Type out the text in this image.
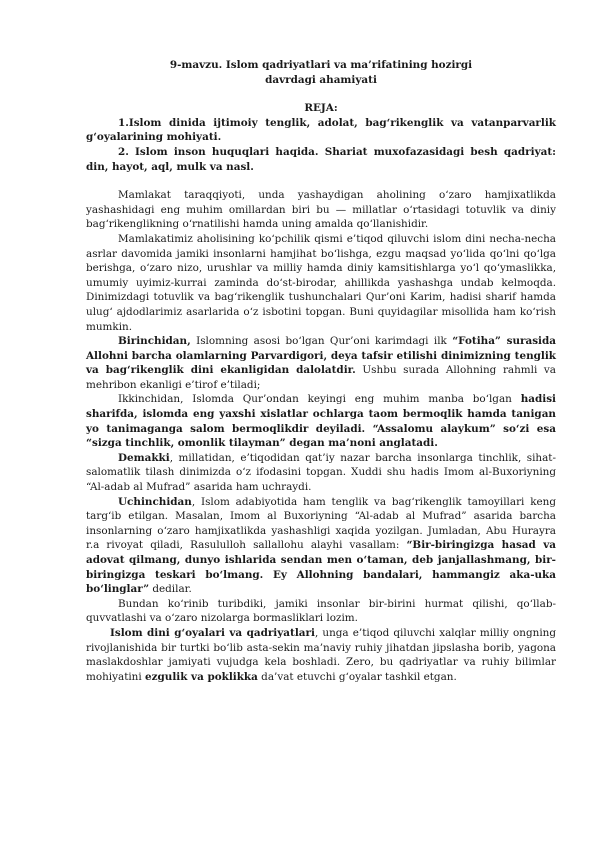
9-mavzu. Islom qadriyatlari va ma’rifatining hozirgi
davrdagi ahamiyati
REJA:

1.Islom dinida ijtimoiy tenglik, adolat, bag‘rikenglik va vatanparvarlik g‘oyalarining mohiyati.

2. Islom inson huquqlari haqida. Shariat muxofazasidagi besh qadriyat: din, hayot, aql, mulk va nasl.

Mamlakat taraqqiyoti, unda yashaydigan aholining o‘zaro hamjixatlikda yashashidagi eng muhim omillardan biri bu — millatlar o‘rtasidagi totuvlik va diniy bag‘rikenglikning o‘rnatilishi hamda uning amalda qo‘llanishidir.

Mamlakatimiz aholisining ko‘pchilik qismi e’tiqod qiluvchi islom dini necha-necha asrlar davomida jamiki insonlarni hamjihat bo‘lishga, ezgu maqsad yo‘lida qo‘lni qo‘lga berishga, o‘zaro nizo, urushlar va milliy hamda diniy kamsitishlarga yo‘l qo‘ymaslikka, umumiy uyimiz-kurrai zaminda do‘st-birodar, ahillikda yashashga undab kelmoqda. Dinimizdagi totuvlik va bag‘rikenglik tushunchalari Qur’oni Karim, hadisi sharif hamda ulug‘ ajdodlarimiz asarlarida o‘z isbotini topgan. Buni quyidagilar misollida ham ko‘rish mumkin.

Birinchidan, Islomning asosi bo‘lgan Qur’oni karimdagi ilk “Fotiha” surasida Allohni barcha olamlarning Parvardigori, deya tafsir etilishi dinimizning tenglik va bag‘rikenglik dini ekanligidan dalolatdir. Ushbu surada Allohning rahmli va mehribon ekanligi e’tirof e’tiladi;

Ikkinchidan, Islomda Qur’ondan keyingi eng muhim manba bo‘lgan hadisi sharifda, islomda eng yaxshi xislatlar ochlarga taom bermoqlik hamda tanigan yo tanimaganga salom bermoqlikdir deyiladi. “Assalomu alaykum” so‘zi esa “sizga tinchlik, omonlik tilayman” degan ma’noni anglatadi.

Demakki, millatidan, e’tiqodidan qat’iy nazar barcha insonlarga tinchlik, sihat-salomatlik tilash dinimizda o‘z ifodasini topgan. Xuddi shu hadis Imom al-Buxoriyning “Al-adab al Mufrad” asarida ham uchraydi.

Uchinchidan, Islom adabiyotida ham tenglik va bag‘rikenglik tamoyillari keng targ‘ib etilgan. Masalan, Imom al Buxoriyning “Al-adab al Mufrad” asarida barcha insonlarning o‘zaro hamjixatlikda yashashligi xaqida yozilgan. Jumladan, Abu Hurayra r.a rivoyat qiladi, Rasululloh sallallohu alayhi vasallam: “Bir-biringizga hasad va adovat qilmang, dunyo ishlarida sendan men o‘taman, deb janjallashmang, bir-biringizga teskari bo‘lmang. Ey Allohning bandalari, hammangiz aka-uka bo‘linglar” dedilar.

Bundan ko‘rinib turibdiki, jamiki insonlar bir-birini hurmat qilishi, qo‘llab-quvvatlashi va o‘zaro nizolarga bormasliklari lozim.

Islom dini g‘oyalari va qadriyatlari, unga e’tiqod qiluvchi xalqlar milliy ongning rivojlanishida bir turtki bo‘lib asta-sekin ma’naviy ruhiy jihatdan jipslasha borib, yagona maslakdoshlar jamiyati vujudga kela boshladi. Zero, bu qadriyatlar va ruhiy bilimlar mohiyatini ezgulik va poklikka da’vat etuvchi g‘oyalar tashkil etgan.
